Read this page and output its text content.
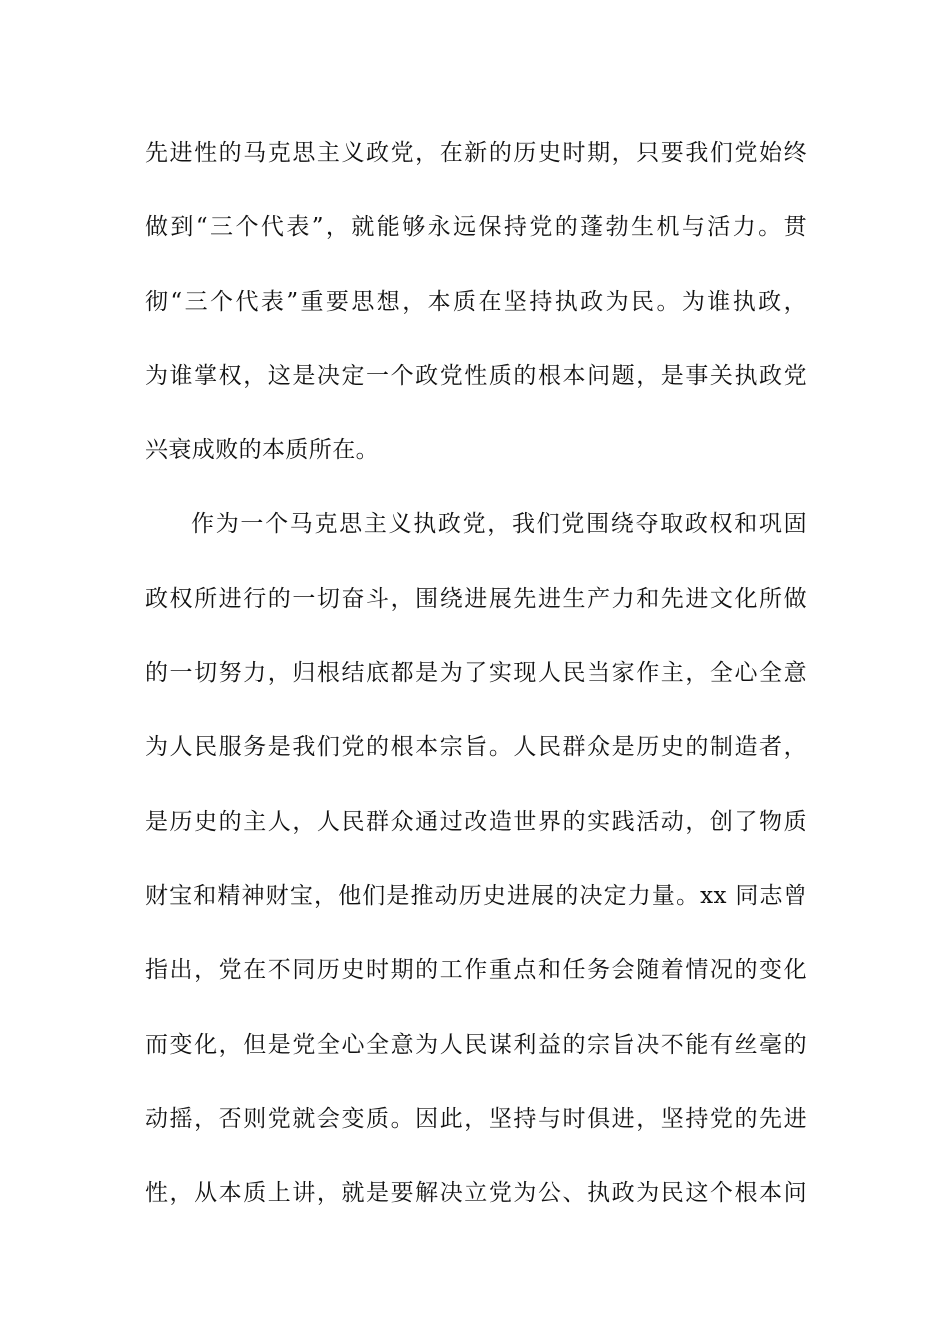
先进性的马克思主义政党，在新的历史时期，只要我们党始终
做到“三个代表”，就能够永远保持党的蓬勃生机与活力。贯
彻“三个代表”重要思想，本质在坚持执政为民。为谁执政，
为谁掌权，这是决定一个政党性质的根本问题，是事关执政党
兴衰成败的本质所在。
作为一个马克思主义执政党，我们党围绕夺取政权和巩固
政权所进行的一切奋斗，围绕进展先进生产力和先进文化所做
的一切努力，归根结底都是为了实现人民当家作主，全心全意
为人民服务是我们党的根本宗旨。人民群众是历史的制造者，
是历史的主人，人民群众通过改造世界的实践活动，创了物质
财宝和精神财宝，他们是推动历史进展的决定力量。xx 同志曾
指出，党在不同历史时期的工作重点和任务会随着情况的变化
而变化，但是党全心全意为人民谋利益的宗旨决不能有丝毫的
动摇，否则党就会变质。因此，坚持与时俱进，坚持党的先进
性，从本质上讲，就是要解决立党为公、执政为民这个根本问
